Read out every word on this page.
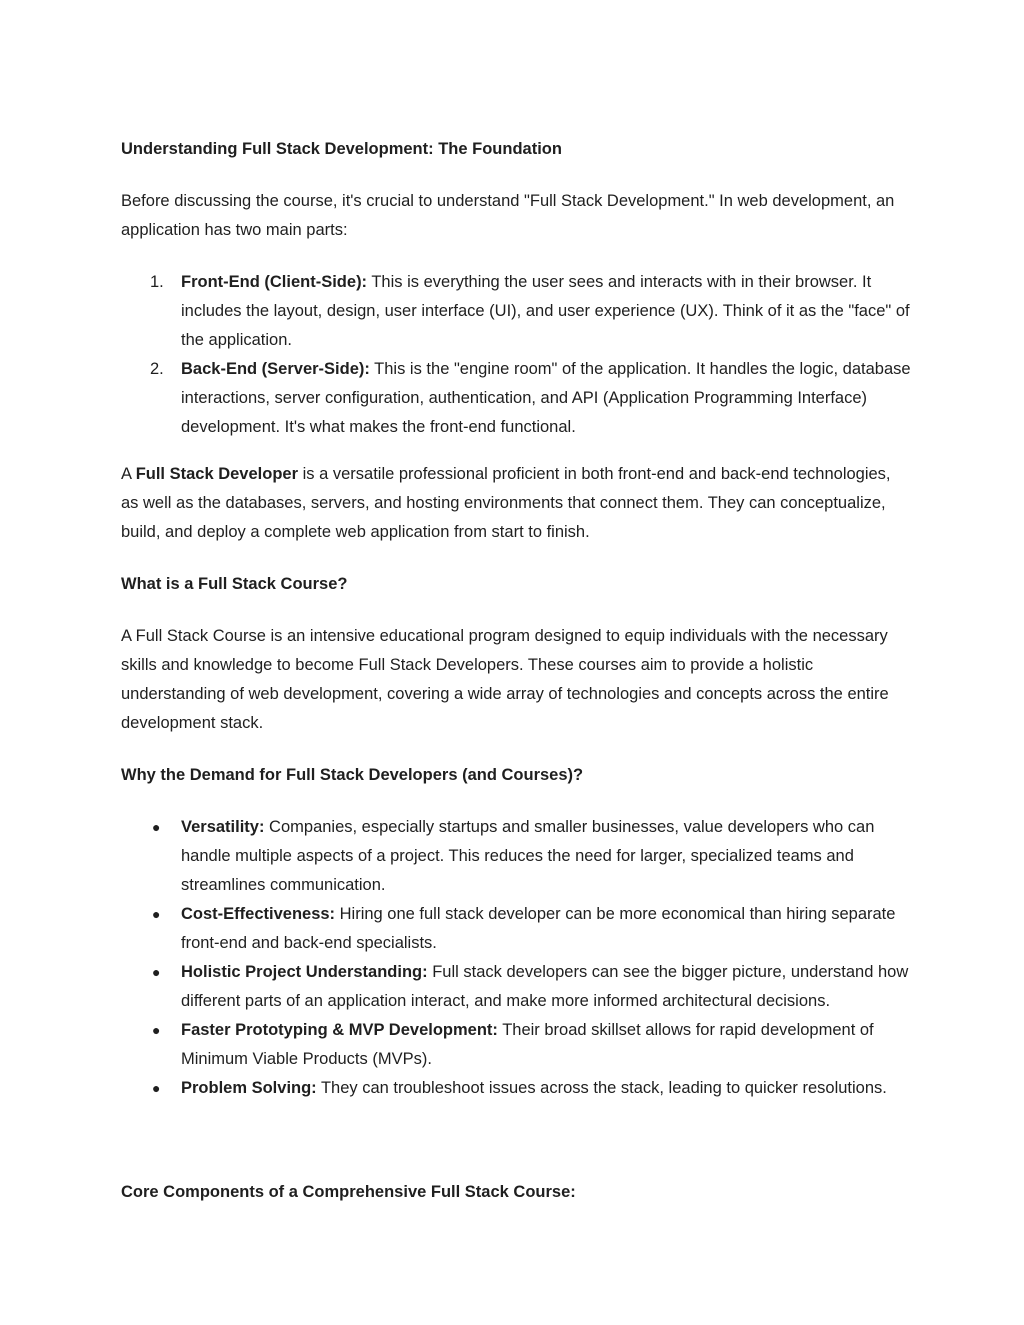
Understanding Full Stack Development: The Foundation

Before discussing the course, it's crucial to understand "Full Stack Development." In web development, an application has two main parts:

1.	Front-End (Client-Side): This is everything the user sees and interacts with in their browser. It includes the layout, design, user interface (UI), and user experience (UX). Think of it as the "face" of the application.
2.	Back-End (Server-Side): This is the "engine room" of the application. It handles the logic, database interactions, server configuration, authentication, and API (Application Programming Interface) development. It's what makes the front-end functional.

A Full Stack Developer is a versatile professional proficient in both front-end and back-end technologies, as well as the databases, servers, and hosting environments that connect them. They can conceptualize, build, and deploy a complete web application from start to finish.

What is a Full Stack Course?

A Full Stack Course is an intensive educational program designed to equip individuals with the necessary skills and knowledge to become Full Stack Developers. These courses aim to provide a holistic understanding of web development, covering a wide array of technologies and concepts across the entire development stack.

Why the Demand for Full Stack Developers (and Courses)?
●	Versatility: Companies, especially startups and smaller businesses, value developers who can handle multiple aspects of a project. This reduces the need for larger, specialized teams and streamlines communication.
●	Cost-Effectiveness: Hiring one full stack developer can be more economical than hiring separate front-end and back-end specialists.
●	Holistic Project Understanding: Full stack developers can see the bigger picture, understand how different parts of an application interact, and make more informed architectural decisions.
●	Faster Prototyping & MVP Development: Their broad skillset allows for rapid development of Minimum Viable Products (MVPs).
●	Problem Solving: They can troubleshoot issues across the stack, leading to quicker resolutions.
Core Components of a Comprehensive Full Stack Course:
